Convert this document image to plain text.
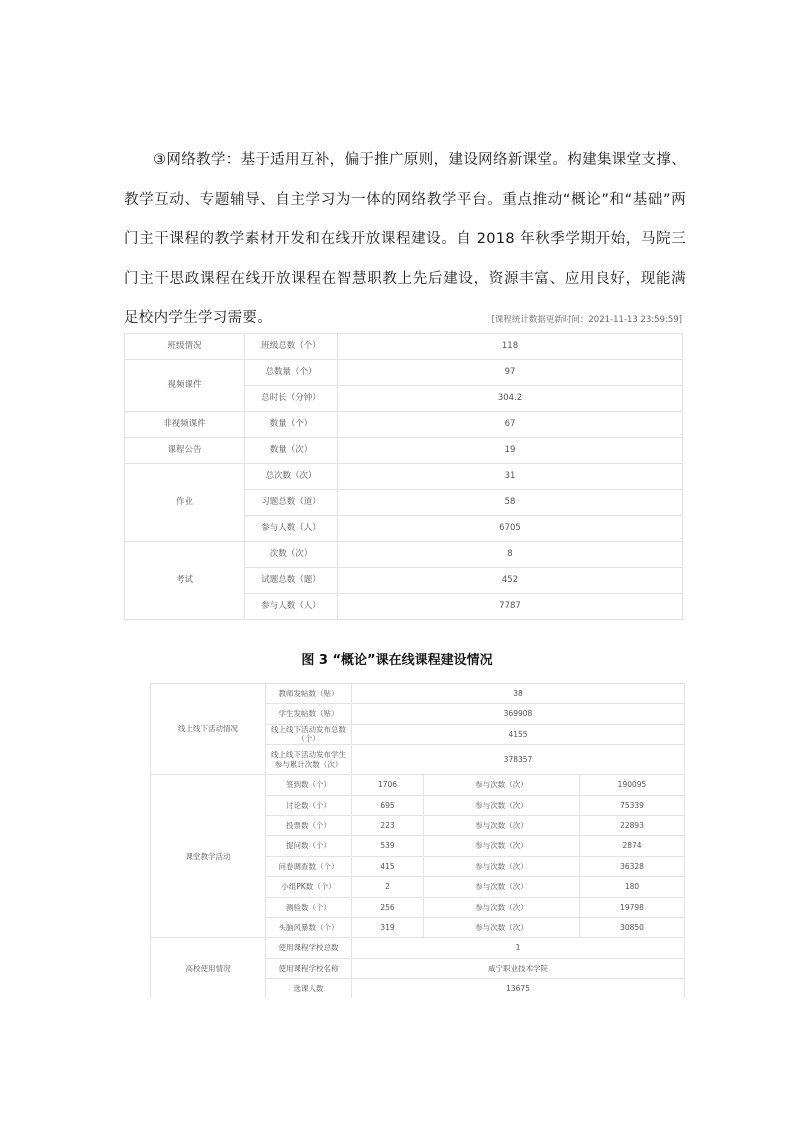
③网络教学：基于适用互补，偏于推广原则，建设网络新课堂。构建集课堂支撑、教学互动、专题辅导、自主学习为一体的网络教学平台。重点推动“概论”和“基础”两门主干课程的教学素材开发和在线开放课程建设。自 2018 年秋季学期开始，马院三门主干思政课程在线开放课程在智慧职教上先后建设，资源丰富、应用良好，现能满足校内学生学习需要。	[课程统计数据更新时间：2021-11-13 23:59:59]
班级情况	班级总数（个）	118
视频课件	总数量（个）	97
	总时长（分钟）	304.2
非视频课件	数量（个）	67
课程公告	数量（次）	19
作业	总次数（次）	31
	习题总数（道）	58
	参与人数（人）	6705
考试	次数（次）	8
	试题总数（题）	452
	参与人数（人）	7787
图 3 “概论”课在线课程建设情况
线上线下活动情况	教师发帖数（贴）	38		
	学生发帖数（贴）	369908		
	线上线下活动发布总数（个）	4155		
	线上线下活动发布学生参与累计次数（次）	378357		
课堂教学活动	签到数（个）	1706	参与次数（次）	190095
	讨论数（个）	695	参与次数（次）	75339
	投票数（个）	223	参与次数（次）	22893
	提问数（个）	539	参与次数（次）	2874
	问卷调查数（个）	415	参与次数（次）	36328
	小组PK数（个）	2	参与次数（次）	180
	测验数（个）	256	参与次数（次）	19798
	头脑风暴数（个）	319	参与次数（次）	30850
高校使用情况	使用课程学校总数	1		
	使用课程学校名称	咸宁职业技术学院		
	选课人数	13675		
